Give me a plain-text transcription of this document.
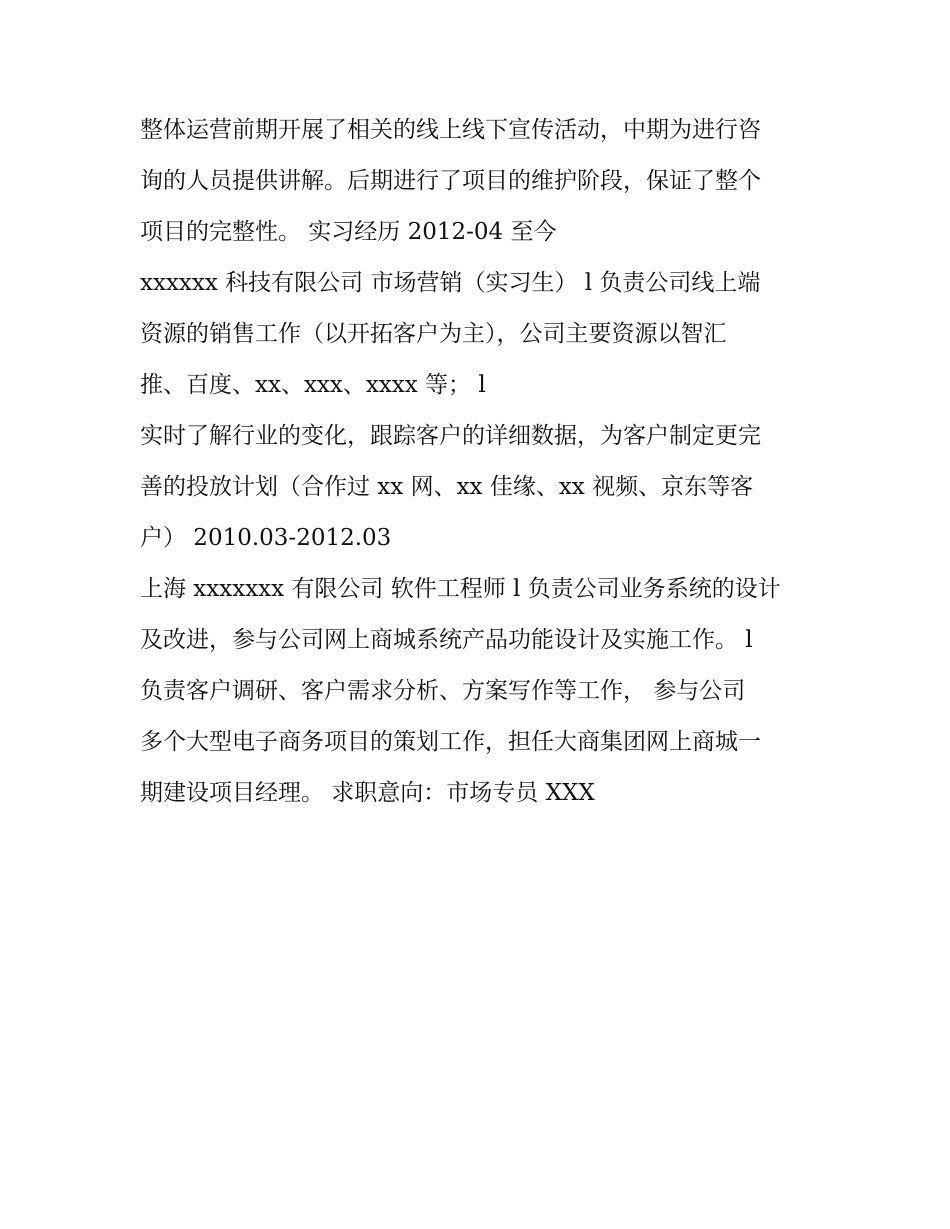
整体运营前期开展了相关的线上线下宣传活动，中期为进行咨
询的人员提供讲解。后期进行了项目的维护阶段，保证了整个
项目的完整性。 实习经历 2012-04 至今
xxxxxx 科技有限公司 市场营销（实习生） l 负责公司线上端
资源的销售工作（以开拓客户为主），公司主要资源以智汇
推、百度、xx、xxx、xxxx 等； l
实时了解行业的变化，跟踪客户的详细数据，为客户制定更完
善的投放计划（合作过 xx 网、xx 佳缘、xx 视频、京东等客
户） 2010.03-2012.03
上海 xxxxxxx 有限公司 软件工程师 l 负责公司业务系统的设计
及改进，参与公司网上商城系统产品功能设计及实施工作。 l
负责客户调研、客户需求分析、方案写作等工作， 参与公司
多个大型电子商务项目的策划工作，担任大商集团网上商城一
期建设项目经理。 求职意向：市场专员 XXX
